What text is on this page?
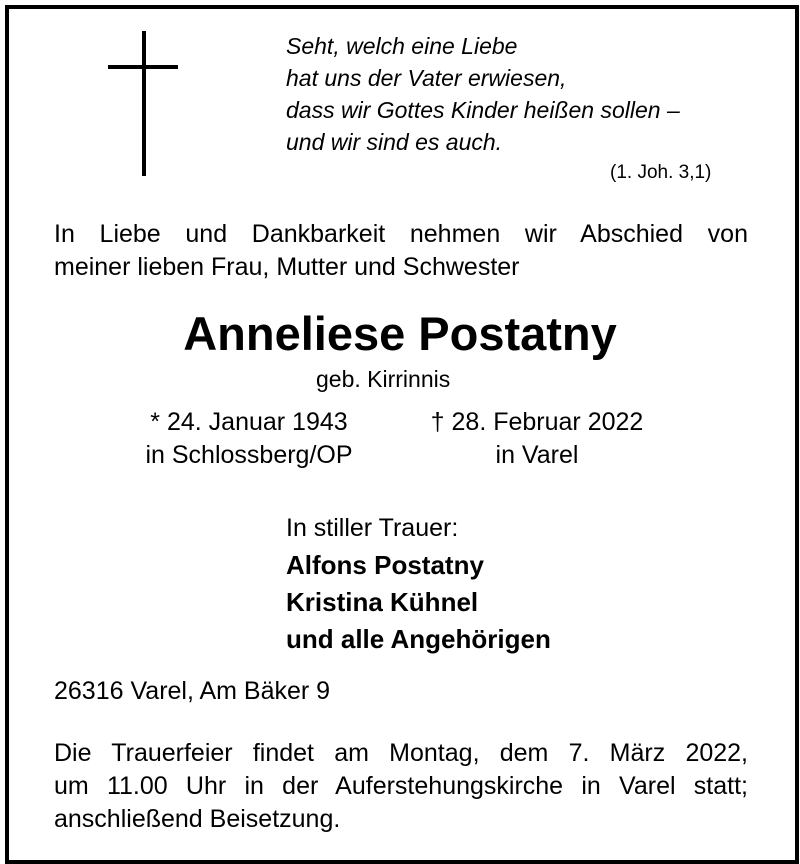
Seht, welch eine Liebe
hat uns der Vater erwiesen,
dass wir Gottes Kinder heißen sollen –
und wir sind es auch.
(1. Joh. 3,1)
In Liebe und Dankbarkeit nehmen wir Abschied von
meiner lieben Frau, Mutter und Schwester
Anneliese Postatny
geb. Kirrinnis
* 24. Januar 1943
in Schlossberg/OP
† 28. Februar 2022
in Varel
In stiller Trauer:
Alfons Postatny
Kristina Kühnel
und alle Angehörigen
26316 Varel, Am Bäker 9
Die Trauerfeier findet am Montag, dem 7. März 2022,
um 11.00 Uhr in der Auferstehungskirche in Varel statt;
anschließend Beisetzung.
